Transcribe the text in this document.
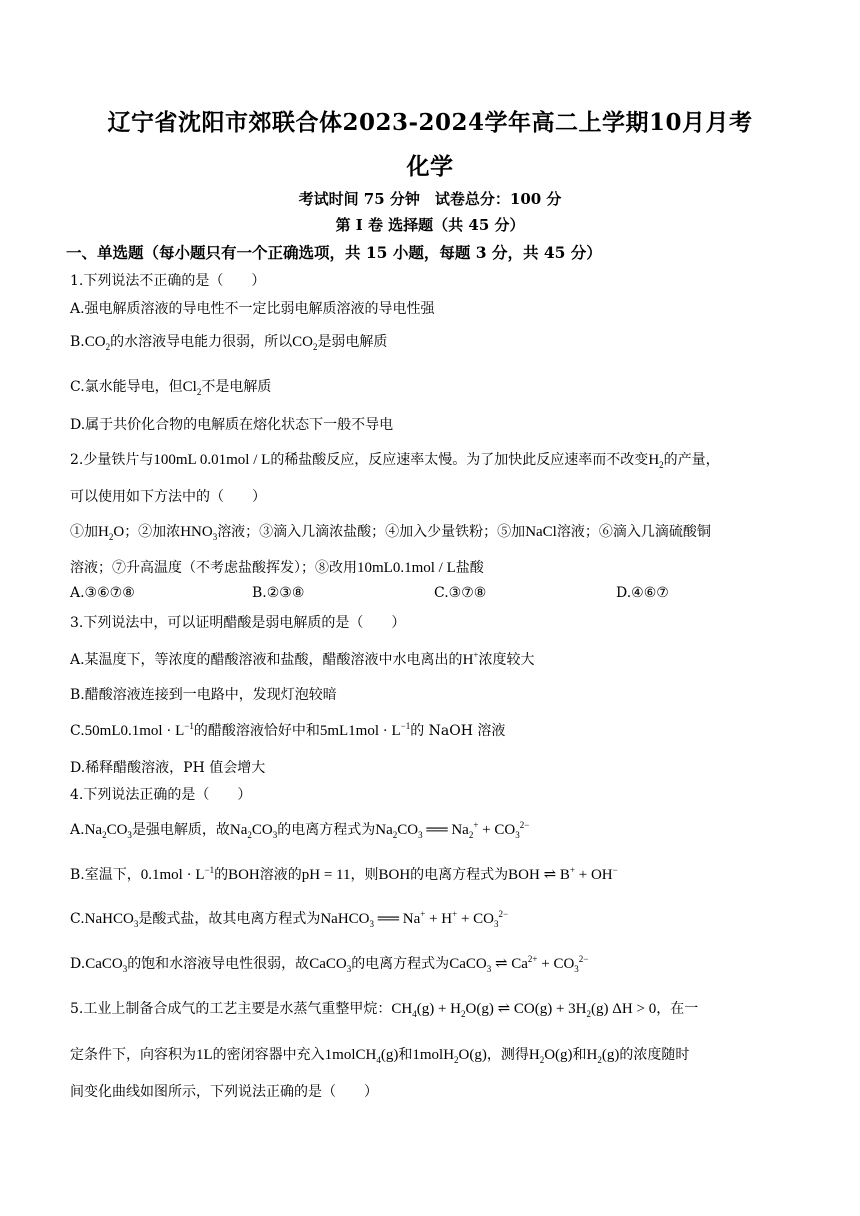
辽宁省沈阳市郊联合体2023-2024学年高二上学期10月月考
化学
考试时间 75 分钟　试卷总分：100 分
第 I 卷 选择题（共 45 分）
一、单选题（每小题只有一个正确选项，共 15 小题，每题 3 分，共 45 分）
1.下列说法不正确的是（　　）
A.强电解质溶液的导电性不一定比弱电解质溶液的导电性强
$B.CO_2$的水溶液导电能力很弱，所以$CO_2$是弱电解质
C.氯水能导电，但$Cl_2$不是电解质
D.属于共价化合物的电解质在熔化状态下一般不导电
2.少量铁片与100mL 0.01mol / L的稀盐酸反应，反应速率太慢。为了加快此反应速率而不改变$H_2$的产量，
可以使用如下方法中的（　　）
①加$H_2O$；②加浓$HNO_3$溶液；③滴入几滴浓盐酸；④加入少量铁粉；⑤加NaCl溶液；⑥滴入几滴硫酸铜
溶液；⑦升高温度（不考虑盐酸挥发）；⑧改用10mL0.1mol / L盐酸
A.③⑥⑦⑧	B.②③⑧	C.③⑦⑧	D.④⑥⑦
3.下列说法中，可以证明醋酸是弱电解质的是（　　）
A.某温度下，等浓度的醋酸溶液和盐酸，醋酸溶液中水电离出的H+浓度较大
B.醋酸溶液连接到一电路中，发现灯泡较暗
$C.50mL0.1mol \cdot L^{-1}$的醋酸溶液恰好中和$5mL1mol \cdot L^{-1}$的 NaOH 溶液
D.稀释醋酸溶液，PH 值会增大
4.下列说法正确的是（　　）
$A.Na_2CO_3$是强电解质，故$Na_2CO_3$的电离方程式为$Na_2CO_3$ ══ $Na_2^+ + CO_3^{2-}$
B.室温下，$0.1mol \cdot L^{-1}$的BOH溶液的pH = 11，则BOH的电离方程式为BOH ⇌ B+ + OH−
C.NaHCO$_3$是酸式盐，故其电离方程式为NaHCO$_3$ ══ $Na^+ + H^+ + CO_3^{2-}$
D.CaCO$_3$的饱和水溶液导电性很弱，故CaCO$_3$的电离方程式为CaCO$_3$ ⇌ $Ca^{2+} + CO_3^{2-}$
5.工业上制备合成气的工艺主要是水蒸气重整甲烷：$CH_4(g) + H_2O(g)$ ⇌ $CO(g) + 3H_2(g) \Delta H > 0$，在一
定条件下，向容积为1L的密闭容器中充入1molCH$_4$(g)和1molH$_2$O(g)，测得$H_2O(g)$和$H_2(g)$的浓度随时
间变化曲线如图所示，下列说法正确的是（　　）
